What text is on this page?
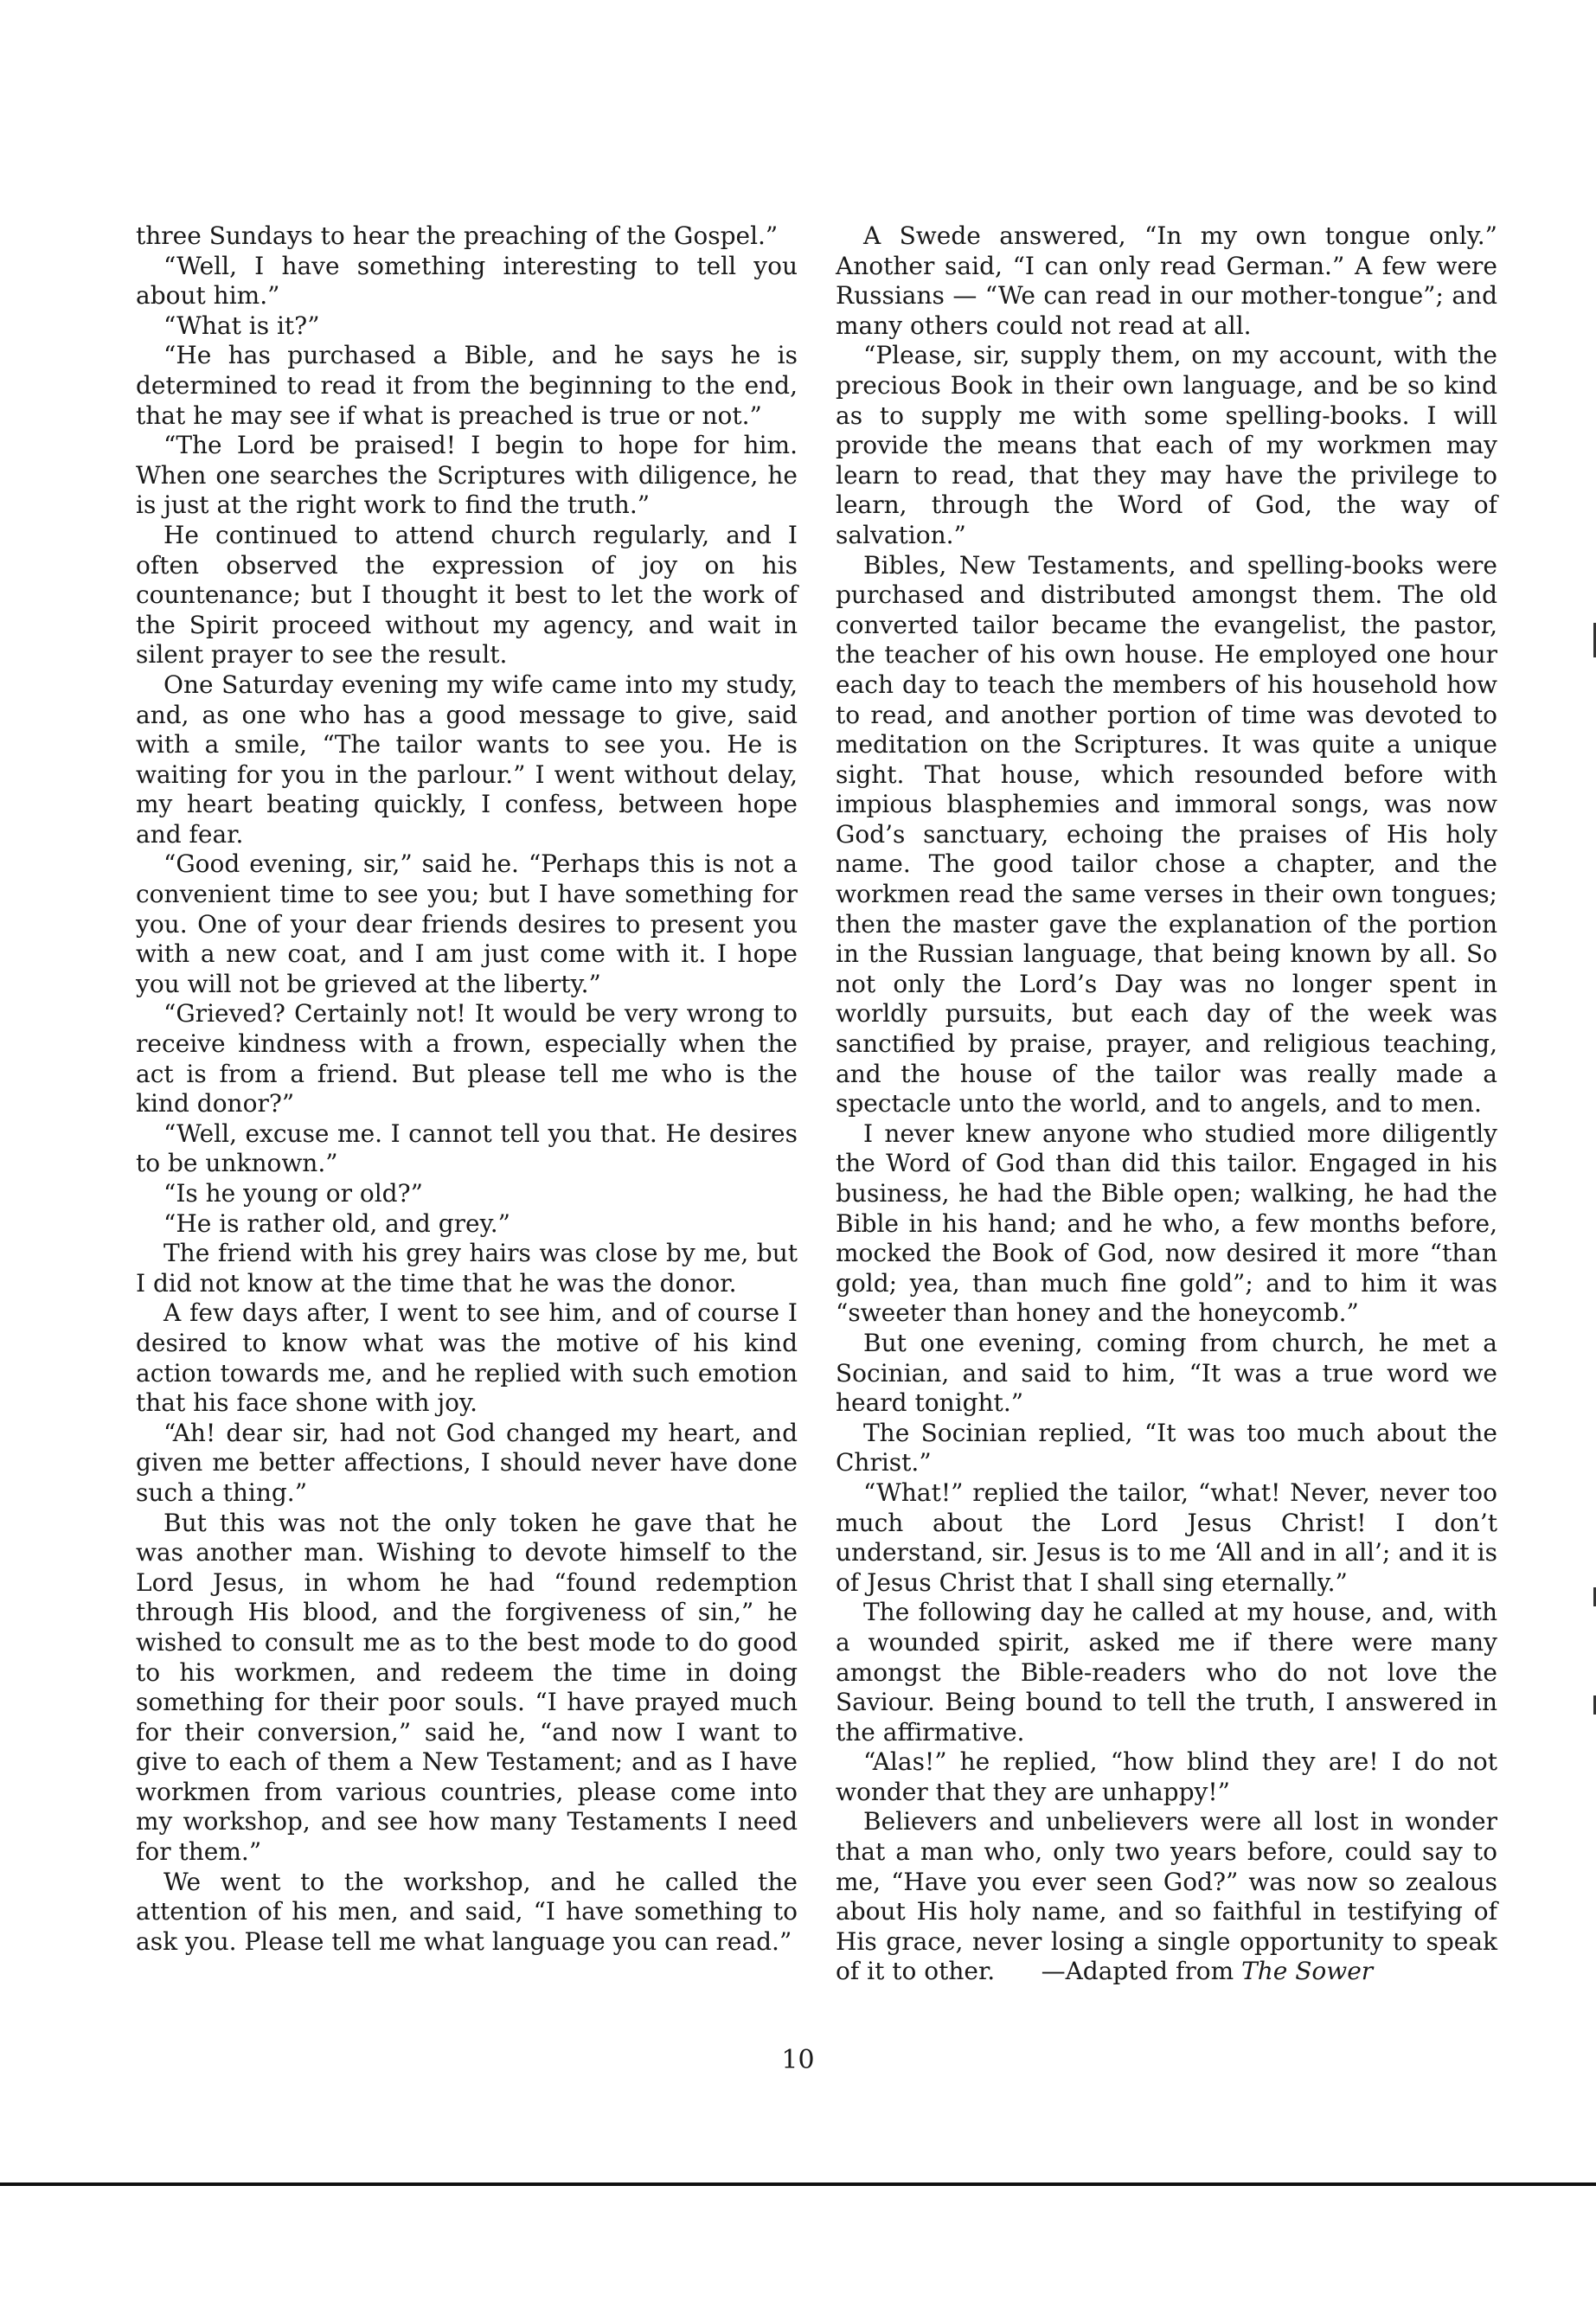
three Sundays to hear the preaching of the Gospel.”

“Well, I have something interesting to tell you about him.”

“What is it?”

“He has purchased a Bible, and he says he is determined to read it from the beginning to the end, that he may see if what is preached is true or not.”

“The Lord be praised! I begin to hope for him. When one searches the Scriptures with diligence, he is just at the right work to find the truth.”

He continued to attend church regularly, and I often observed the expression of joy on his countenance; but I thought it best to let the work of the Spirit proceed without my agency, and wait in silent prayer to see the result.

One Saturday evening my wife came into my study, and, as one who has a good message to give, said with a smile, “The tailor wants to see you. He is waiting for you in the parlour.” I went without delay, my heart beating quickly, I confess, between hope and fear.

“Good evening, sir,” said he. “Perhaps this is not a convenient time to see you; but I have something for you. One of your dear friends desires to present you with a new coat, and I am just come with it. I hope you will not be grieved at the liberty.”

“Grieved? Certainly not! It would be very wrong to receive kindness with a frown, especially when the act is from a friend. But please tell me who is the kind donor?”

“Well, excuse me. I cannot tell you that. He desires to be unknown.”

“Is he young or old?”

“He is rather old, and grey.”

The friend with his grey hairs was close by me, but I did not know at the time that he was the donor.

A few days after, I went to see him, and of course I desired to know what was the motive of his kind action towards me, and he replied with such emotion that his face shone with joy.

“Ah! dear sir, had not God changed my heart, and given me better affections, I should never have done such a thing.”

But this was not the only token he gave that he was another man. Wishing to devote himself to the Lord Jesus, in whom he had “found redemption through His blood, and the forgiveness of sin,” he wished to consult me as to the best mode to do good to his workmen, and redeem the time in doing something for their poor souls. “I have prayed much for their conversion,” said he, “and now I want to give to each of them a New Testament; and as I have workmen from various countries, please come into my workshop, and see how many Testaments I need for them.”

We went to the workshop, and he called the attention of his men, and said, “I have something to ask you. Please tell me what language you can read.”

A Swede answered, “In my own tongue only.” Another said, “I can only read German.” A few were Russians — “We can read in our mother-tongue”; and many others could not read at all.

“Please, sir, supply them, on my account, with the precious Book in their own language, and be so kind as to supply me with some spelling-books. I will provide the means that each of my workmen may learn to read, that they may have the privilege to learn, through the Word of God, the way of salvation.”

Bibles, New Testaments, and spelling-books were purchased and distributed amongst them. The old converted tailor became the evangelist, the pastor, the teacher of his own house. He employed one hour each day to teach the members of his household how to read, and another portion of time was devoted to meditation on the Scriptures. It was quite a unique sight. That house, which resounded before with impious blasphemies and immoral songs, was now God’s sanctuary, echoing the praises of His holy name. The good tailor chose a chapter, and the workmen read the same verses in their own tongues; then the master gave the explanation of the portion in the Russian language, that being known by all. So not only the Lord’s Day was no longer spent in worldly pursuits, but each day of the week was sanctified by praise, prayer, and religious teaching, and the house of the tailor was really made a spectacle unto the world, and to angels, and to men.

I never knew anyone who studied more diligently the Word of God than did this tailor. Engaged in his business, he had the Bible open; walking, he had the Bible in his hand; and he who, a few months before, mocked the Book of God, now desired it more “than gold; yea, than much fine gold”; and to him it was “sweeter than honey and the honeycomb.”

But one evening, coming from church, he met a Socinian, and said to him, “It was a true word we heard tonight.”

The Socinian replied, “It was too much about the Christ.”

“What!” replied the tailor, “what! Never, never too much about the Lord Jesus Christ! I don’t understand, sir. Jesus is to me ‘All and in all’; and it is of Jesus Christ that I shall sing eternally.”

The following day he called at my house, and, with a wounded spirit, asked me if there were many amongst the Bible-readers who do not love the Saviour. Being bound to tell the truth, I answered in the affirmative.

“Alas!” he replied, “how blind they are! I do not wonder that they are unhappy!”

Believers and unbelievers were all lost in wonder that a man who, only two years before, could say to me, “Have you ever seen God?” was now so zealous about His holy name, and so faithful in testifying of His grace, never losing a single opportunity to speak of it to other. —Adapted from The Sower

10
